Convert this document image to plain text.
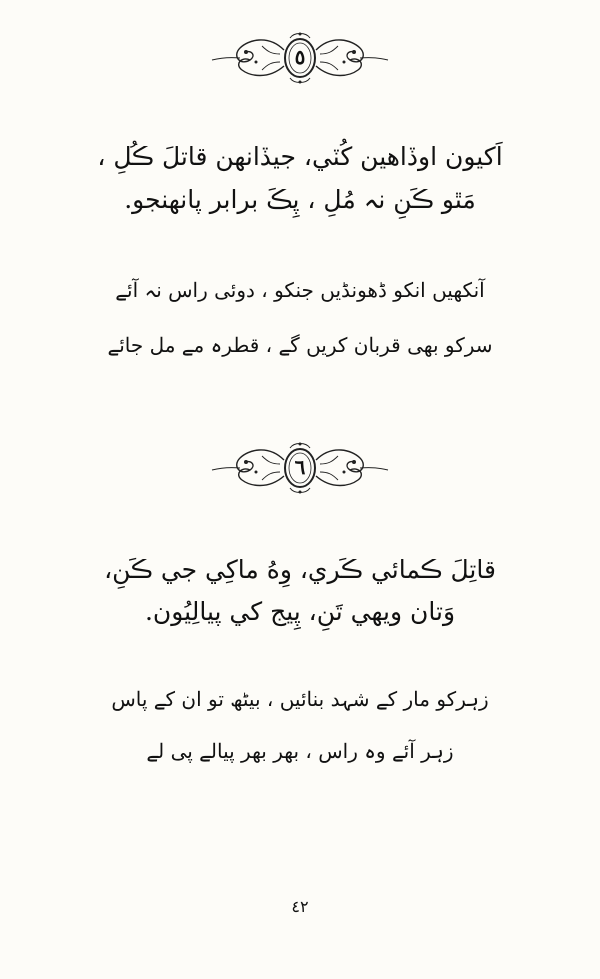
٥
اَکيون اوڏاهين کُٽي، جيڏانهن قاتلَ ڪُلِ ،
مَٿو ڪَنِ نہ مُلِ ، پِڪَ برابر پانهنجو.
آنکھیں انکو ڈھونڈیں جنکو ، دوئی راس نہ آئے
سرکو بھی قربان کریں گے ، قطرہ مے مل جائے
٦
قاتِلَ ڪمائي ڪَري، وِهُ ماکِي جي ڪَنِ،
وَتان ويهي تَنِ، پِيج کي پيالِيُون.
زہرکو مار کے شہد بنائیں ، بیٹھ تو ان کے پاس
زہر آئے وہ راس ، بھر بھر پیالے پی لے
٤٢
